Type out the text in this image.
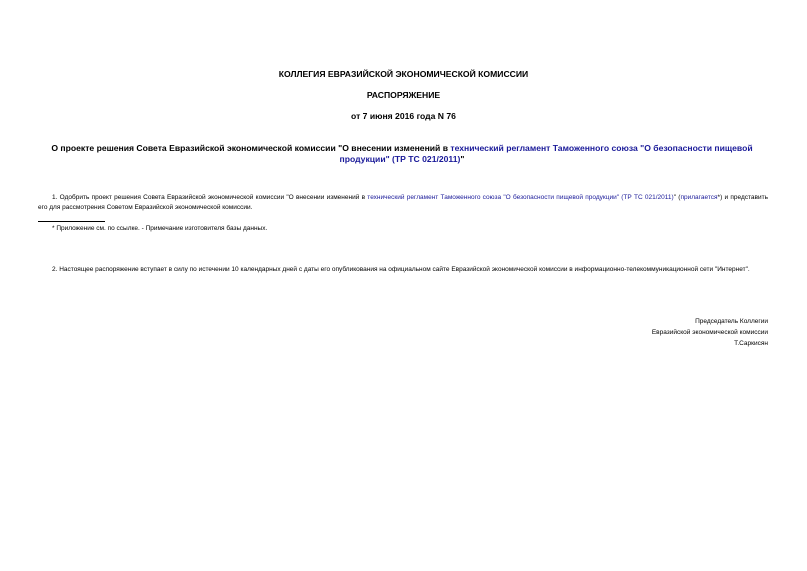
КОЛЛЕГИЯ ЕВРАЗИЙСКОЙ ЭКОНОМИЧЕСКОЙ КОМИССИИ
РАСПОРЯЖЕНИЕ
от 7 июня 2016 года N 76
О проекте решения Совета Евразийской экономической комиссии "О внесении изменений в технический регламент Таможенного союза "О безопасности пищевой продукции" (ТР ТС 021/2011)"
1. Одобрить проект решения Совета Евразийской экономической комиссии "О внесении изменений в технический регламент Таможенного союза "О безопасности пищевой продукции" (ТР ТС 021/2011)" (прилагается*) и представить его для рассмотрения Советом Евразийской экономической комиссии.
* Приложение см. по ссылке. - Примечание изготовителя базы данных.
2. Настоящее распоряжение вступает в силу по истечении 10 календарных дней с даты его опубликования на официальном сайте Евразийской экономической комиссии в информационно-телекоммуникационной сети "Интернет".
Председатель Коллегии
Евразийской экономической комиссии
Т.Саркисян
